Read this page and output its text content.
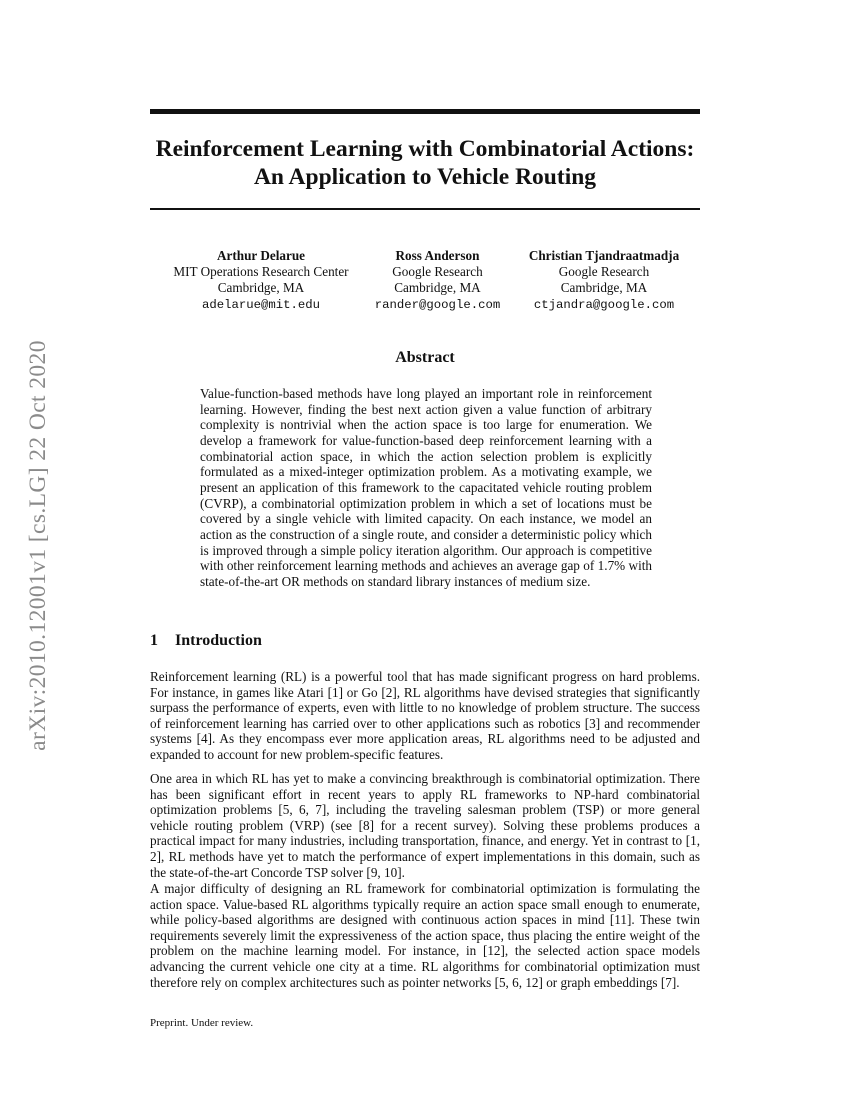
arXiv:2010.12001v1 [cs.LG] 22 Oct 2020
Reinforcement Learning with Combinatorial Actions:
An Application to Vehicle Routing
Arthur Delarue
MIT Operations Research Center
Cambridge, MA
adelarue@mit.edu
Ross Anderson
Google Research
Cambridge, MA
rander@google.com
Christian Tjandraatmadja
Google Research
Cambridge, MA
ctjandra@google.com
Abstract

Value-function-based methods have long played an important role in reinforcement learning. However, finding the best next action given a value function of arbitrary complexity is nontrivial when the action space is too large for enumeration. We develop a framework for value-function-based deep reinforcement learning with a combinatorial action space, in which the action selection problem is explicitly formulated as a mixed-integer optimization problem. As a motivating example, we present an application of this framework to the capacitated vehicle routing problem (CVRP), a combinatorial optimization problem in which a set of locations must be covered by a single vehicle with limited capacity. On each instance, we model an action as the construction of a single route, and consider a deterministic policy which is improved through a simple policy iteration algorithm. Our approach is competitive with other reinforcement learning methods and achieves an average gap of 1.7% with state-of-the-art OR methods on standard library instances of medium size.

1 Introduction

Reinforcement learning (RL) is a powerful tool that has made significant progress on hard problems. For instance, in games like Atari [1] or Go [2], RL algorithms have devised strategies that significantly surpass the performance of experts, even with little to no knowledge of problem structure. The success of reinforcement learning has carried over to other applications such as robotics [3] and recommender systems [4]. As they encompass ever more application areas, RL algorithms need to be adjusted and expanded to account for new problem-specific features.

One area in which RL has yet to make a convincing breakthrough is combinatorial optimization. There has been significant effort in recent years to apply RL frameworks to NP-hard combinatorial optimization problems [5, 6, 7], including the traveling salesman problem (TSP) or more general vehicle routing problem (VRP) (see [8] for a recent survey). Solving these problems produces a practical impact for many industries, including transportation, finance, and energy. Yet in contrast to [1, 2], RL methods have yet to match the performance of expert implementations in this domain, such as the state-of-the-art Concorde TSP solver [9, 10].

A major difficulty of designing an RL framework for combinatorial optimization is formulating the action space. Value-based RL algorithms typically require an action space small enough to enumerate, while policy-based algorithms are designed with continuous action spaces in mind [11]. These twin requirements severely limit the expressiveness of the action space, thus placing the entire weight of the problem on the machine learning model. For instance, in [12], the selected action space models advancing the current vehicle one city at a time. RL algorithms for combinatorial optimization must therefore rely on complex architectures such as pointer networks [5, 6, 12] or graph embeddings [7].

Preprint. Under review.
